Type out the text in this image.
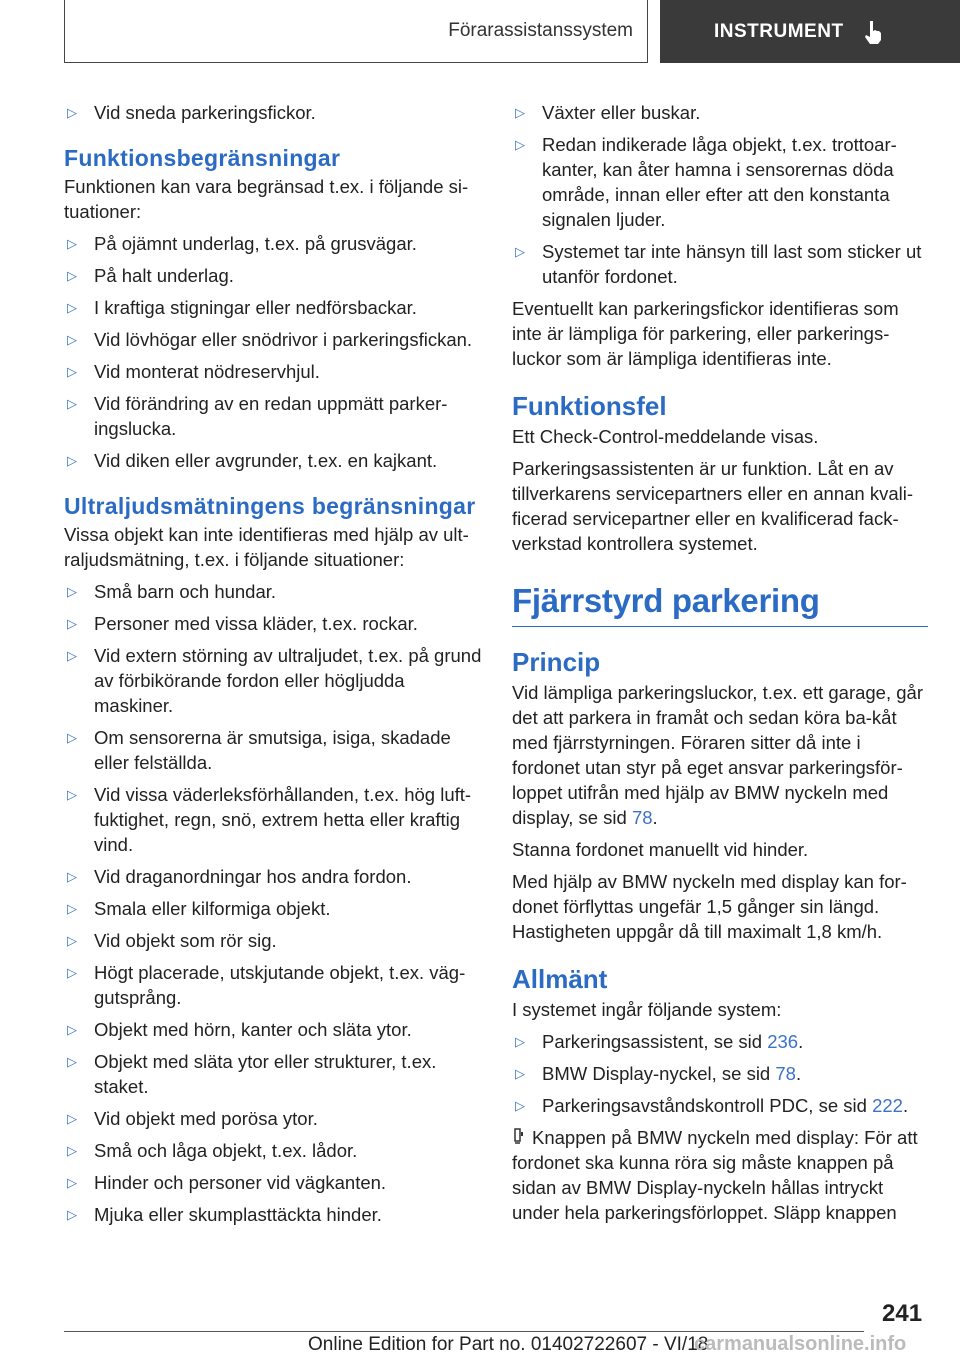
Förarassistanssystem	INSTRUMENT
▷ Vid sneda parkeringsfickor.
Funktionsbegränsningar
Funktionen kan vara begränsad t.ex. i följande si-tuationer:
▷ På ojämnt underlag, t.ex. på grusvägar.
▷ På halt underlag.
▷ I kraftiga stigningar eller nedförsbackar.
▷ Vid lövhögar eller snödrivor i parkeringsfickan.
▷ Vid monterat nödreservhjul.
▷ Vid förändring av en redan uppmätt parker-ingslucka.
▷ Vid diken eller avgrunder, t.ex. en kajkant.
Ultraljudsmätningens begränsningar
Vissa objekt kan inte identifieras med hjälp av ult-raljudsmätning, t.ex. i följande situationer:
▷ Små barn och hundar.
▷ Personer med vissa kläder, t.ex. rockar.
▷ Vid extern störning av ultraljudet, t.ex. på grund av förbikörande fordon eller högljudda maskiner.
▷ Om sensorerna är smutsiga, isiga, skadade eller felställda.
▷ Vid vissa väderleksförhållanden, t.ex. hög luft-fuktighet, regn, snö, extrem hetta eller kraftig vind.
▷ Vid draganordningar hos andra fordon.
▷ Smala eller kilformiga objekt.
▷ Vid objekt som rör sig.
▷ Högt placerade, utskjutande objekt, t.ex. väg-gutsprång.
▷ Objekt med hörn, kanter och släta ytor.
▷ Objekt med släta ytor eller strukturer, t.ex. staket.
▷ Vid objekt med porösa ytor.
▷ Små och låga objekt, t.ex. lådor.
▷ Hinder och personer vid vägkanten.
▷ Mjuka eller skumplasttäckta hinder.
▷ Växter eller buskar.
▷ Redan indikerade låga objekt, t.ex. trottoar-kanter, kan åter hamna i sensorernas döda område, innan eller efter att den konstanta signalen ljuder.
▷ Systemet tar inte hänsyn till last som sticker ut utanför fordonet.
Eventuellt kan parkeringsfickor identifieras som inte är lämpliga för parkering, eller parkerings-luckor som är lämpliga identifieras inte.
Funktionsfel
Ett Check-Control-meddelande visas.
Parkeringsassistenten är ur funktion. Låt en av tillverkarens servicepartners eller en annan kvali-ficerad servicepartner eller en kvalificerad fack-verkstad kontrollera systemet.
Fjärrstyrd parkering
Princip
Vid lämpliga parkeringsluckor, t.ex. ett garage, går det att parkera in framåt och sedan köra ba-kåt med fjärrstyrningen. Föraren sitter då inte i fordonet utan styr på eget ansvar parkeringsför-loppet utifrån med hjälp av BMW nyckeln med display, se sid 78.
Stanna fordonet manuellt vid hinder.
Med hjälp av BMW nyckeln med display kan for-donet förflyttas ungefär 1,5 gånger sin längd. Hastigheten uppgår då till maximalt 1,8 km/h.
Allmänt
I systemet ingår följande system:
▷ Parkeringsassistent, se sid 236.
▷ BMW Display-nyckel, se sid 78.
▷ Parkeringsavståndskontroll PDC, se sid 222.
Knappen på BMW nyckeln med display: För att fordonet ska kunna röra sig måste knappen på sidan av BMW Display-nyckeln hållas intryckt under hela parkeringsförloppet. Släpp knappen
241
Online Edition for Part no. 01402722607 - VI/18
carmanualsonline.info
